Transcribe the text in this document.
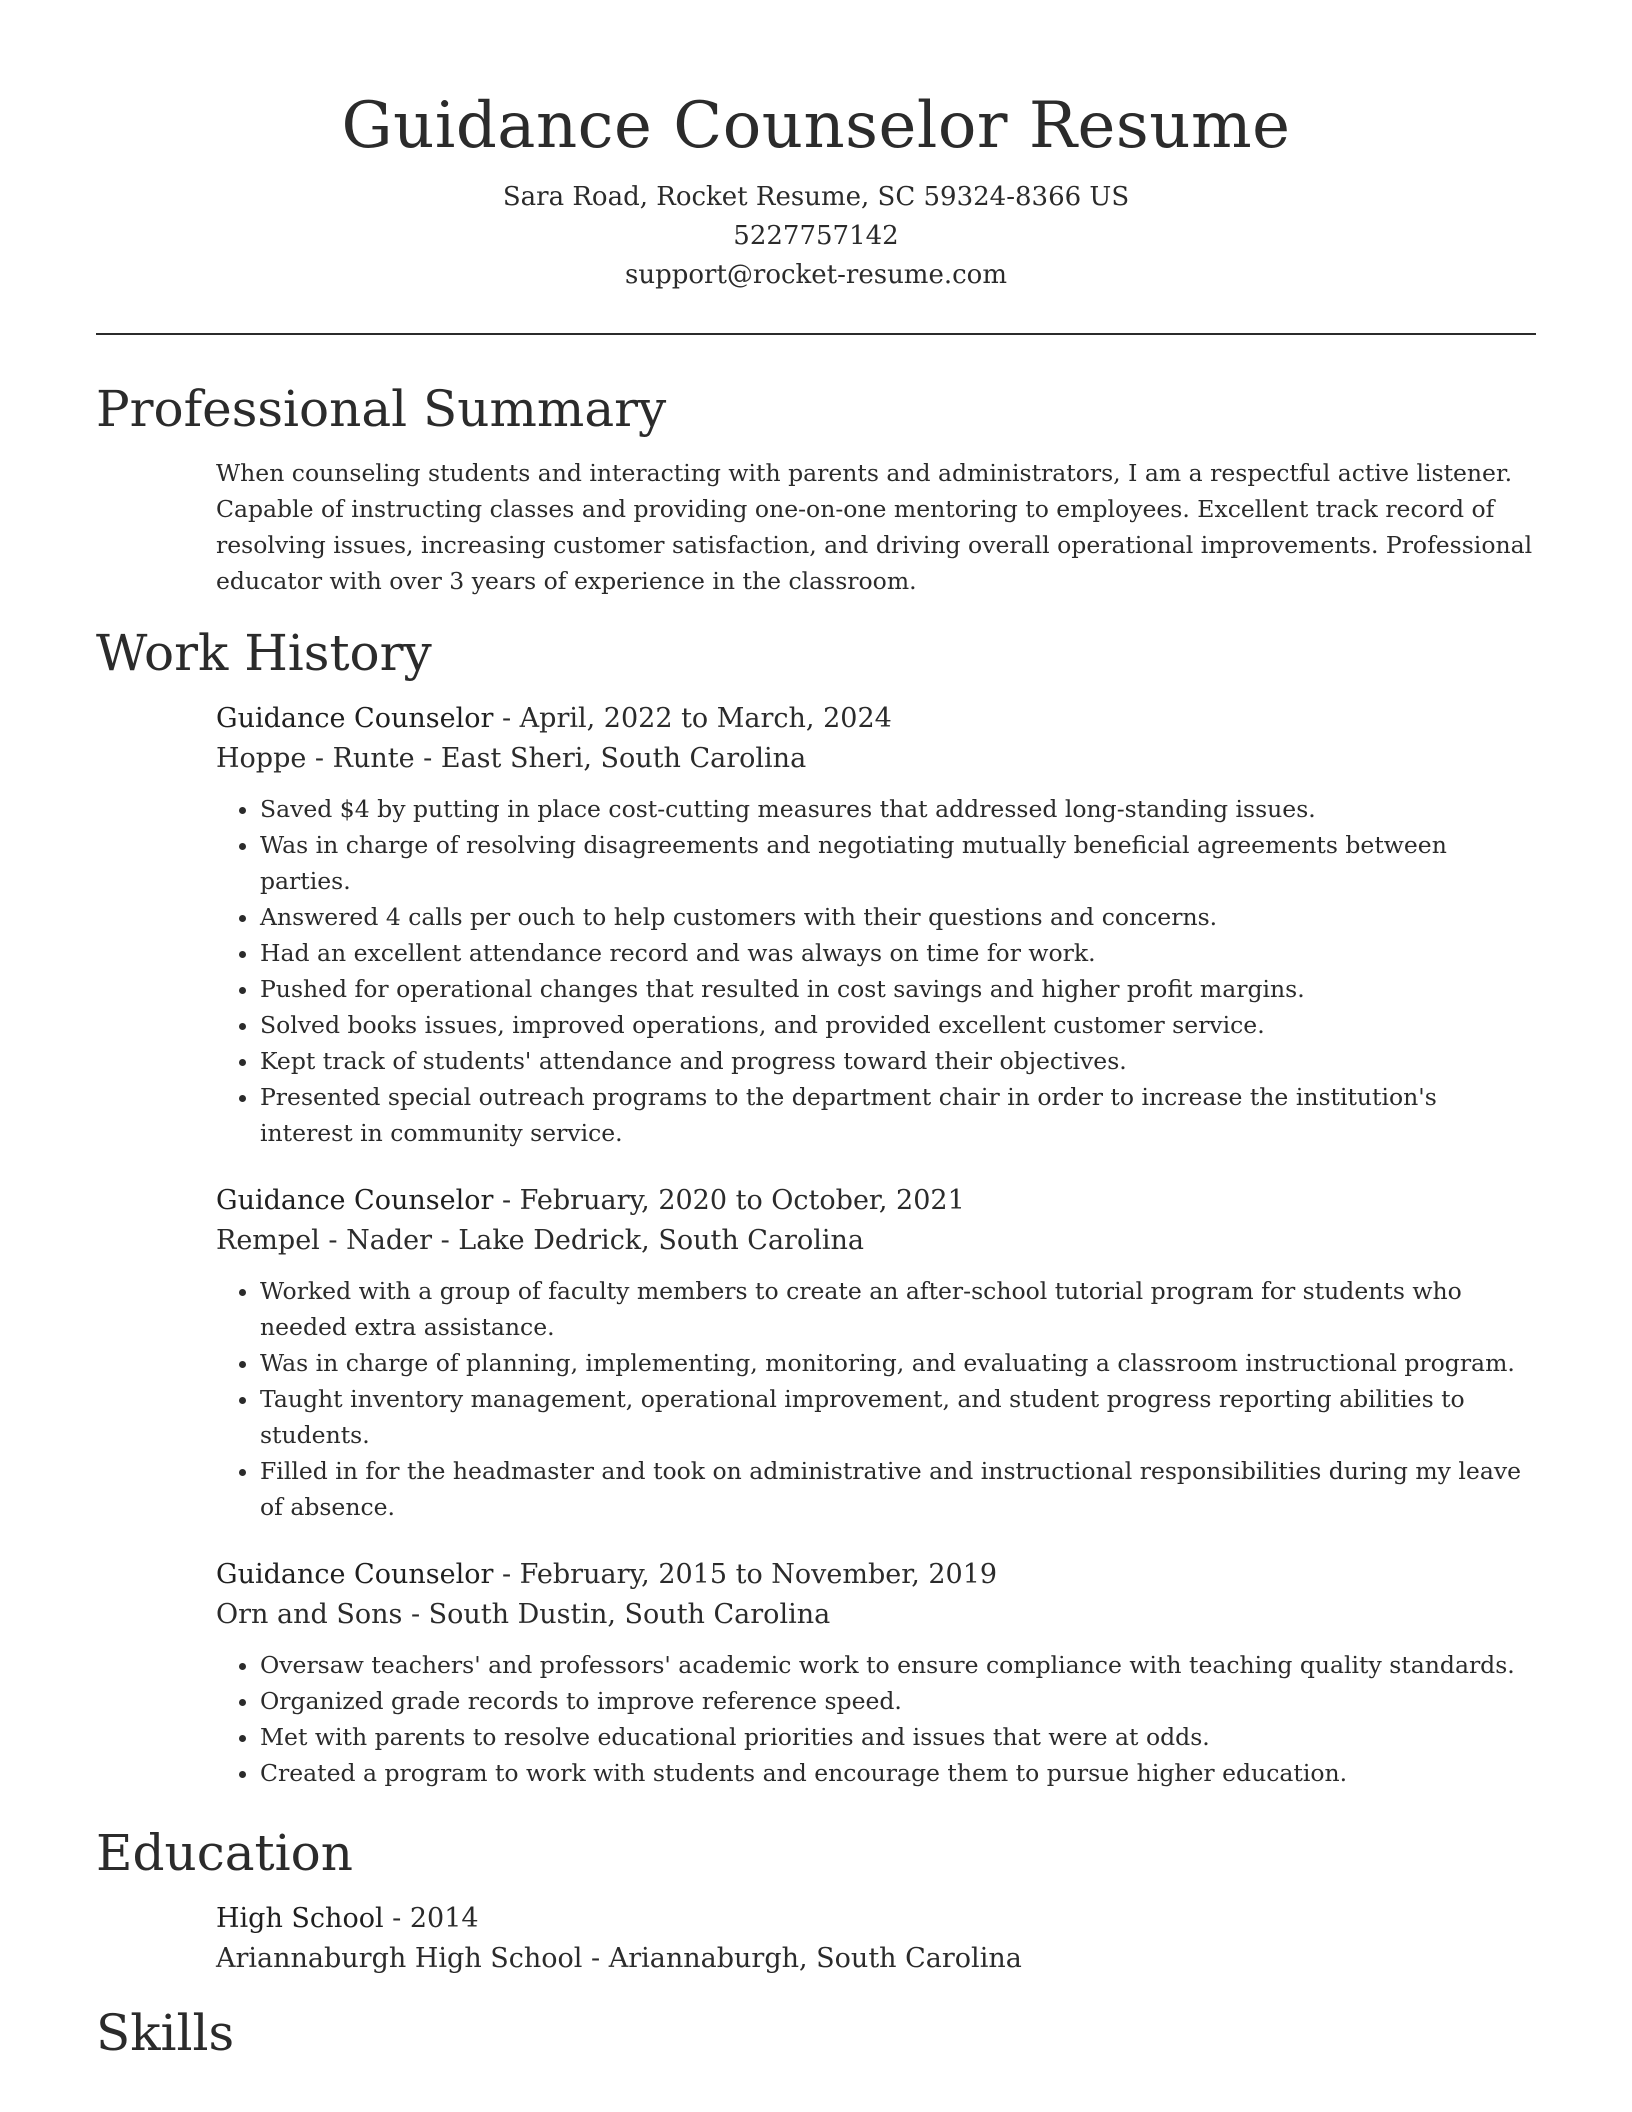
Guidance Counselor Resume
Sara Road, Rocket Resume, SC 59324-8366 US
5227757142
support@rocket-resume.com
Professional Summary

When counseling students and interacting with parents and administrators, I am a respectful active listener. Capable of instructing classes and providing one-on-one mentoring to employees. Excellent track record of resolving issues, increasing customer satisfaction, and driving overall operational improvements. Professional educator with over 3 years of experience in the classroom.

Work History
Guidance Counselor - April, 2022 to March, 2024
Hoppe - Runte - East Sheri, South Carolina
• Saved $4 by putting in place cost-cutting measures that addressed long-standing issues.
• Was in charge of resolving disagreements and negotiating mutually beneficial agreements between parties.
• Answered 4 calls per ouch to help customers with their questions and concerns.
• Had an excellent attendance record and was always on time for work.
• Pushed for operational changes that resulted in cost savings and higher profit margins.
• Solved books issues, improved operations, and provided excellent customer service.
• Kept track of students' attendance and progress toward their objectives.
• Presented special outreach programs to the department chair in order to increase the institution's interest in community service.
Guidance Counselor - February, 2020 to October, 2021
Rempel - Nader - Lake Dedrick, South Carolina
• Worked with a group of faculty members to create an after-school tutorial program for students who needed extra assistance.
• Was in charge of planning, implementing, monitoring, and evaluating a classroom instructional program.
• Taught inventory management, operational improvement, and student progress reporting abilities to students.
• Filled in for the headmaster and took on administrative and instructional responsibilities during my leave of absence.
Guidance Counselor - February, 2015 to November, 2019
Orn and Sons - South Dustin, South Carolina
• Oversaw teachers' and professors' academic work to ensure compliance with teaching quality standards.
• Organized grade records to improve reference speed.
• Met with parents to resolve educational priorities and issues that were at odds.
• Created a program to work with students and encourage them to pursue higher education.
Education
High School - 2014
Ariannaburgh High School - Ariannaburgh, South Carolina
Skills
